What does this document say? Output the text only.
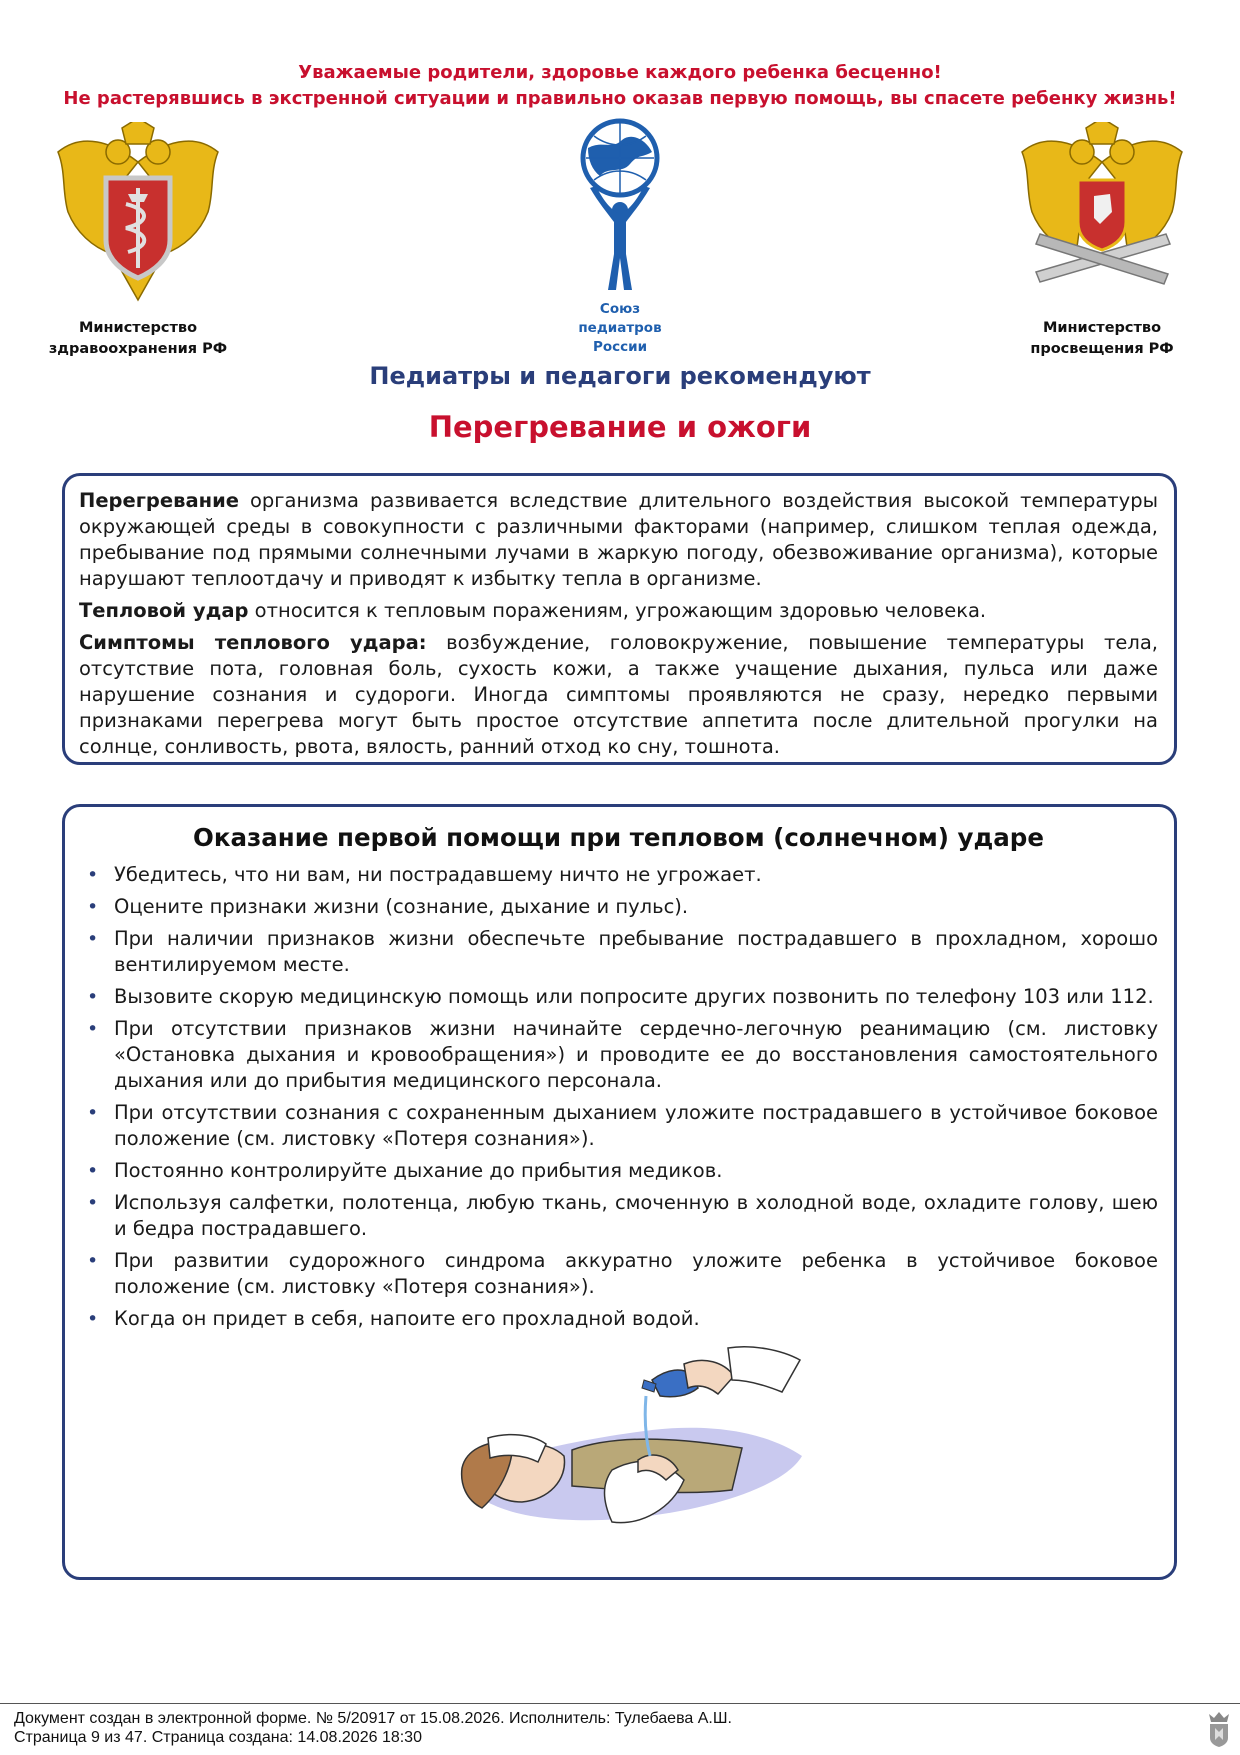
Уважаемые родители, здоровье каждого ребенка бесценно!
Не растерявшись в экстренной ситуации и правильно оказав первую помощь, вы спасете ребенку жизнь!
Министерство
здравоохранения РФ
Союз
педиатров
России
Министерство
просвещения РФ
Педиатры и педагоги рекомендуют
Перегревание и ожоги

Перегревание организма развивается вследствие длительного воздействия высокой температуры окружающей среды в совокупности с различными факторами (например, слишком теплая одежда, пребывание под прямыми солнечными лучами в жаркую погоду, обезвоживание организма), которые нарушают теплоотдачу и приводят к избытку тепла в организме.

Тепловой удар относится к тепловым поражениям, угрожающим здоровью человека.

Симптомы теплового удара: возбуждение, головокружение, повышение температуры тела, отсутствие пота, головная боль, сухость кожи, а также учащение дыхания, пульса или даже нарушение сознания и судороги. Иногда симптомы проявляются не сразу, нередко первыми признаками перегрева могут быть простое отсутствие аппетита после длительной прогулки на солнце, сонливость, рвота, вялость, ранний отход ко сну, тошнота.

Оказание первой помощи при тепловом (солнечном) ударе
• Убедитесь, что ни вам, ни пострадавшему ничто не угрожает.
• Оцените признаки жизни (сознание, дыхание и пульс).
• При наличии признаков жизни обеспечьте пребывание пострадавшего в прохладном, хорошо вентилируемом месте.
• Вызовите скорую медицинскую помощь или попросите других позвонить по телефону 103 или 112.
• При отсутствии признаков жизни начинайте сердечно-легочную реанимацию (см. листовку «Остановка дыхания и кровообращения») и проводите ее до восстановления самостоятельного дыхания или до прибытия медицинского персонала.
• При отсутствии сознания с сохраненным дыханием уложите пострадавшего в устойчивое боковое положение (см. листовку «Потеря сознания»).
• Постоянно контролируйте дыхание до прибытия медиков.
• Используя салфетки, полотенца, любую ткань, смоченную в холодной воде, охладите голову, шею и бедра пострадавшего.
• При развитии судорожного синдрома аккуратно уложите ребенка в устойчивое боковое положение (см. листовку «Потеря сознания»).
• Когда он придет в себя, напоите его прохладной водой.
Документ создан в электронной форме. № 5/20917 от 15.08.2026. Исполнитель: Тулебаева А.Ш.
Страница 9 из 47. Страница создана: 14.08.2026 18:30
